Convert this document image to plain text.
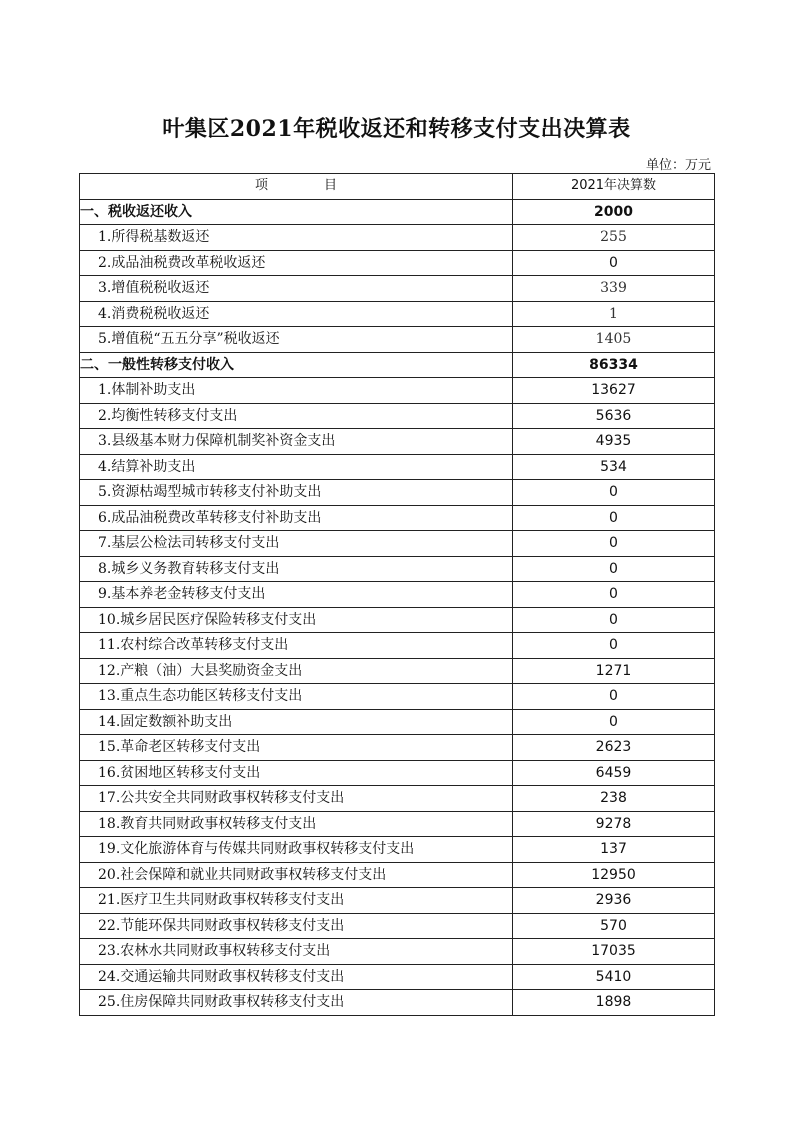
叶集区2021年税收返还和转移支付支出决算表
单位：万元
项 目	2021年决算数
一、税收返还收入	2000
1.所得税基数返还	255
2.成品油税费改革税收返还	0
3.增值税税收返还	339
4.消费税税收返还	1
5.增值税“五五分享”税收返还	1405
二、一般性转移支付收入	86334
1.体制补助支出	13627
2.均衡性转移支付支出	5636
3.县级基本财力保障机制奖补资金支出	4935
4.结算补助支出	534
5.资源枯竭型城市转移支付补助支出	0
6.成品油税费改革转移支付补助支出	0
7.基层公检法司转移支付支出	0
8.城乡义务教育转移支付支出	0
9.基本养老金转移支付支出	0
10.城乡居民医疗保险转移支付支出	0
11.农村综合改革转移支付支出	0
12.产粮（油）大县奖励资金支出	1271
13.重点生态功能区转移支付支出	0
14.固定数额补助支出	0
15.革命老区转移支付支出	2623
16.贫困地区转移支付支出	6459
17.公共安全共同财政事权转移支付支出	238
18.教育共同财政事权转移支付支出	9278
19.文化旅游体育与传媒共同财政事权转移支付支出	137
20.社会保障和就业共同财政事权转移支付支出	12950
21.医疗卫生共同财政事权转移支付支出	2936
22.节能环保共同财政事权转移支付支出	570
23.农林水共同财政事权转移支付支出	17035
24.交通运输共同财政事权转移支付支出	5410
25.住房保障共同财政事权转移支付支出	1898
